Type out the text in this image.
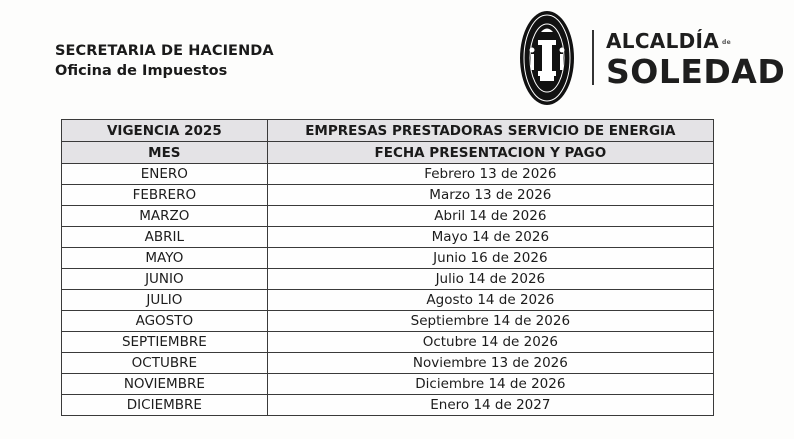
SECRETARIA DE HACIENDA
Oficina de Impuestos
ALCALDÍA de
SOLEDAD
VIGENCIA 2025	EMPRESAS PRESTADORAS SERVICIO DE ENERGIA
MES	FECHA PRESENTACION Y PAGO
ENERO	Febrero 13 de 2026
FEBRERO	Marzo 13 de 2026
MARZO	Abril 14 de 2026
ABRIL	Mayo 14 de 2026
MAYO	Junio 16 de 2026
JUNIO	Julio 14 de 2026
JULIO	Agosto 14 de 2026
AGOSTO	Septiembre 14 de 2026
SEPTIEMBRE	Octubre 14 de 2026
OCTUBRE	Noviembre 13 de 2026
NOVIEMBRE	Diciembre 14 de 2026
DICIEMBRE	Enero 14 de 2027
